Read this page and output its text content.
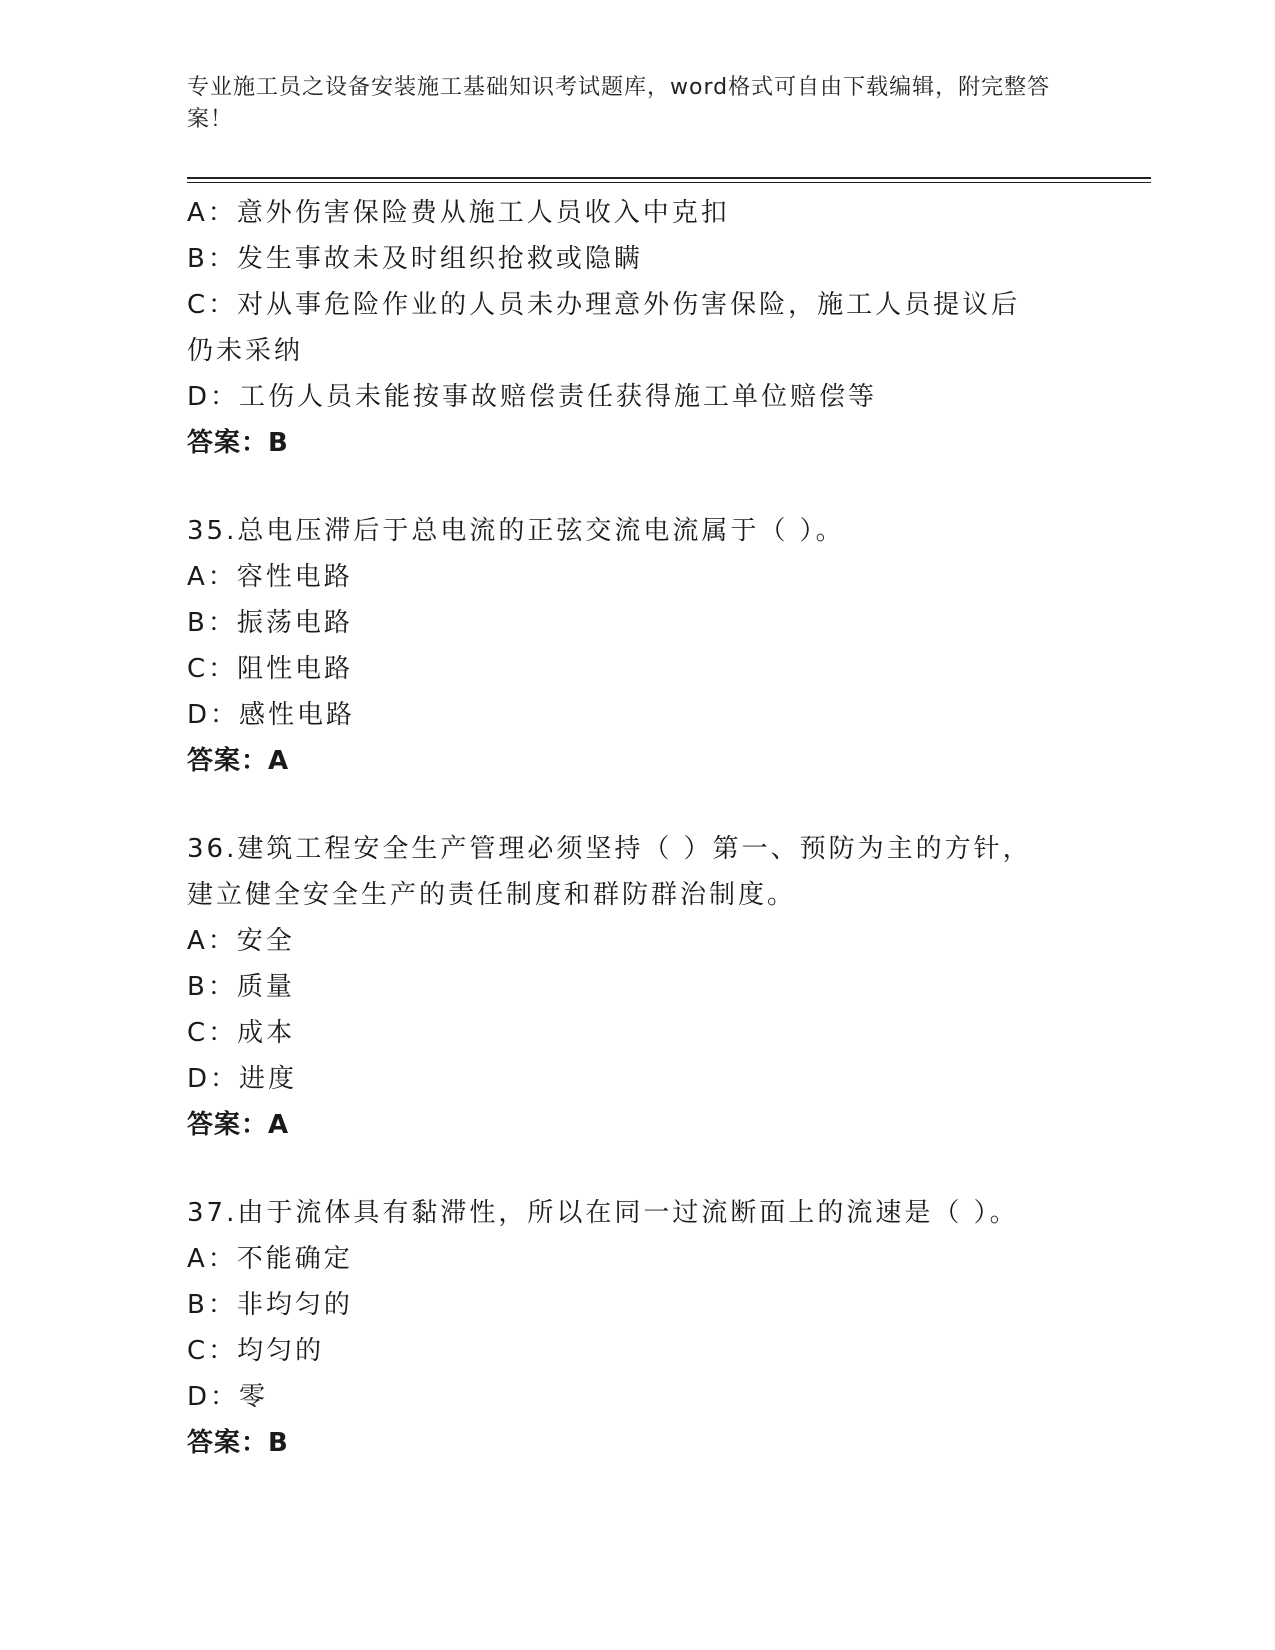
专业施工员之设备安装施工基础知识考试题库，word格式可自由下载编辑，附完整答案！
A：意外伤害保险费从施工人员收入中克扣
B：发生事故未及时组织抢救或隐瞒
C：对从事危险作业的人员未办理意外伤害保险，施工人员提议后仍未采纳
D：工伤人员未能按事故赔偿责任获得施工单位赔偿等
答案：B
35.总电压滞后于总电流的正弦交流电流属于（ ）。
A：容性电路
B：振荡电路
C：阻性电路
D：感性电路
答案：A
36.建筑工程安全生产管理必须坚持（ ）第一、预防为主的方针，建立健全安全生产的责任制度和群防群治制度。
A：安全
B：质量
C：成本
D：进度
答案：A
37.由于流体具有黏滞性，所以在同一过流断面上的流速是（ ）。
A：不能确定
B：非均匀的
C：均匀的
D：零
答案：B
